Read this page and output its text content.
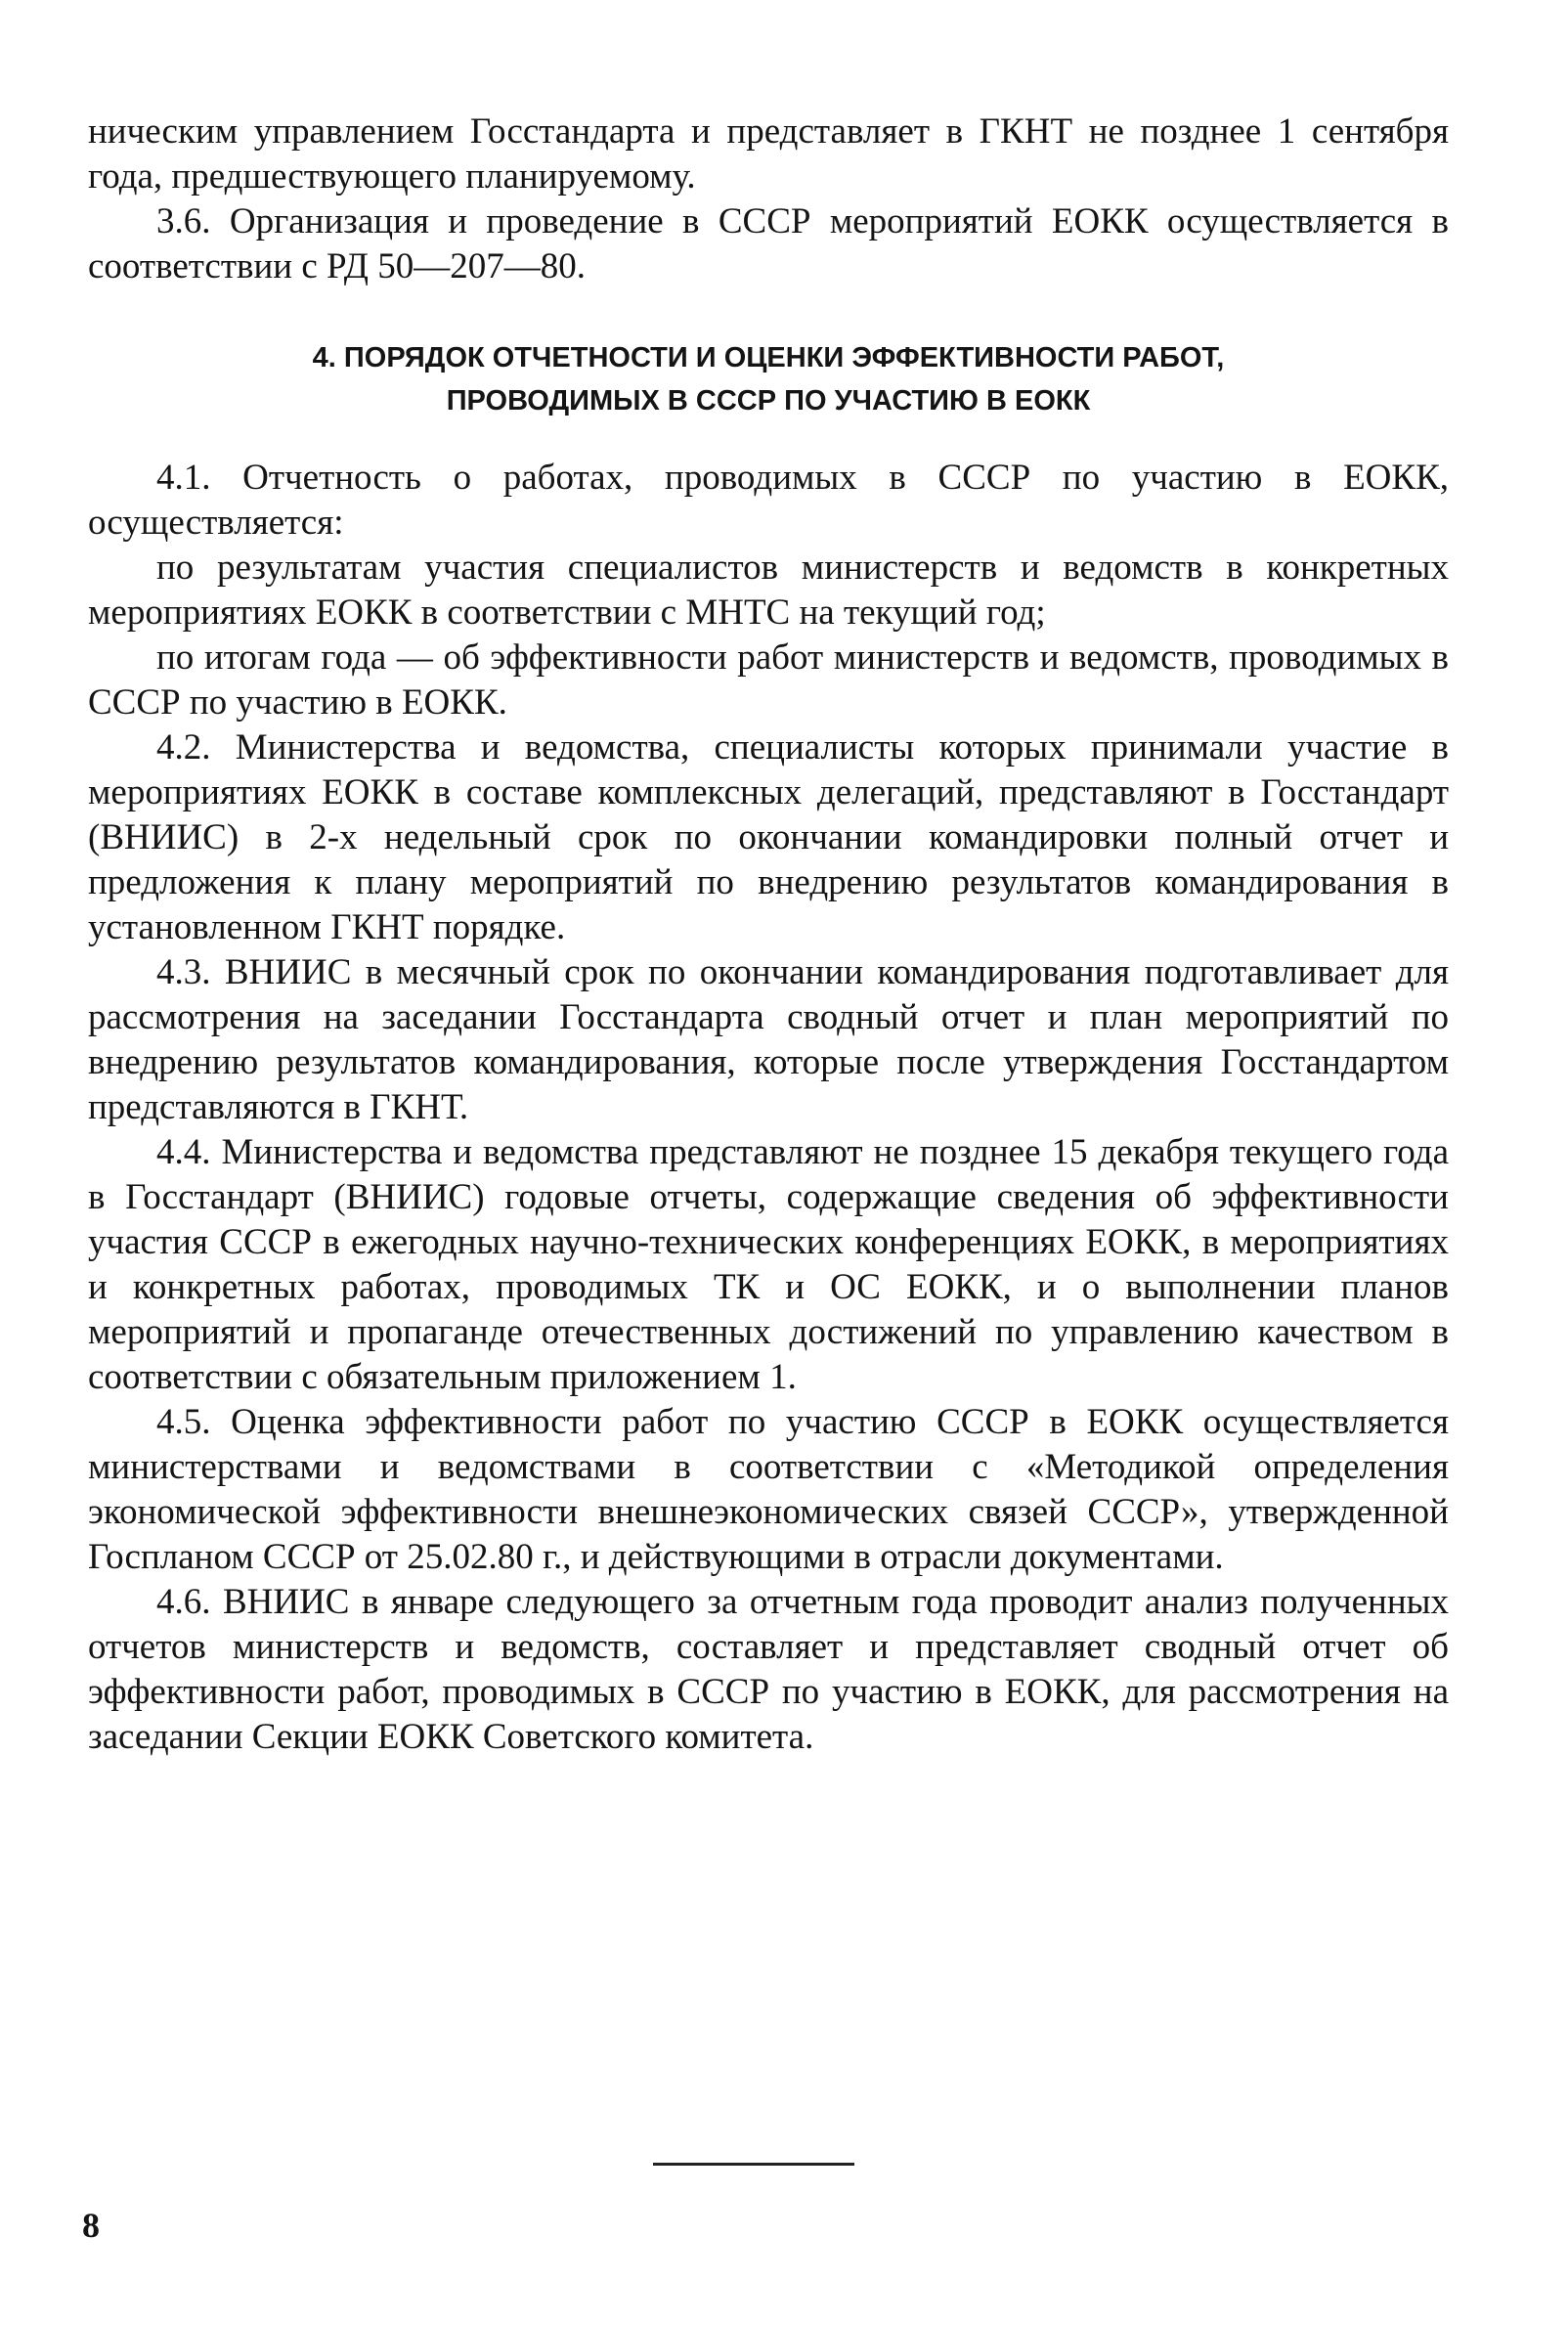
ническим управлением Госстандарта и представляет в ГКНТ не позднее 1 сентября года, предшествующего планируемому.

3.6. Организация и проведение в СССР мероприятий ЕОКК осуществляется в соответствии с РД 50—207—80.

4. ПОРЯДОК ОТЧЕТНОСТИ И ОЦЕНКИ ЭФФЕКТИВНОСТИ РАБОТ,
ПРОВОДИМЫХ В СССР ПО УЧАСТИЮ В ЕОКК

4.1. Отчетность о работах, проводимых в СССР по участию в ЕОКК, осуществляется:

по результатам участия специалистов министерств и ведомств в конкретных мероприятиях ЕОКК в соответствии с МНТС на текущий год;

по итогам года — об эффективности работ министерств и ведомств, проводимых в СССР по участию в ЕОКК.

4.2. Министерства и ведомства, специалисты которых принимали участие в мероприятиях ЕОКК в составе комплексных делегаций, представляют в Госстандарт (ВНИИС) в 2-х недельный срок по окончании командировки полный отчет и предложения к плану мероприятий по внедрению результатов командирования в установленном ГКНТ порядке.

4.3. ВНИИС в месячный срок по окончании командирования подготавливает для рассмотрения на заседании Госстандарта сводный отчет и план мероприятий по внедрению результатов командирования, которые после утверждения Госстандартом представляются в ГКНТ.

4.4. Министерства и ведомства представляют не позднее 15 декабря текущего года в Госстандарт (ВНИИС) годовые отчеты, содержащие сведения об эффективности участия СССР в ежегодных научно-технических конференциях ЕОКК, в мероприятиях и конкретных работах, проводимых ТК и ОС ЕОКК, и о выполнении планов мероприятий и пропаганде отечественных достижений по управлению качеством в соответствии с обязательным приложением 1.

4.5. Оценка эффективности работ по участию СССР в ЕОКК осуществляется министерствами и ведомствами в соответствии с «Методикой определения экономической эффективности внешнеэкономических связей СССР», утвержденной Госпланом СССР от 25.02.80 г., и действующими в отрасли документами.

4.6. ВНИИС в январе следующего за отчетным года проводит анализ полученных отчетов министерств и ведомств, составляет и представляет сводный отчет об эффективности работ, проводимых в СССР по участию в ЕОКК, для рассмотрения на заседании Секции ЕОКК Советского комитета.

8
